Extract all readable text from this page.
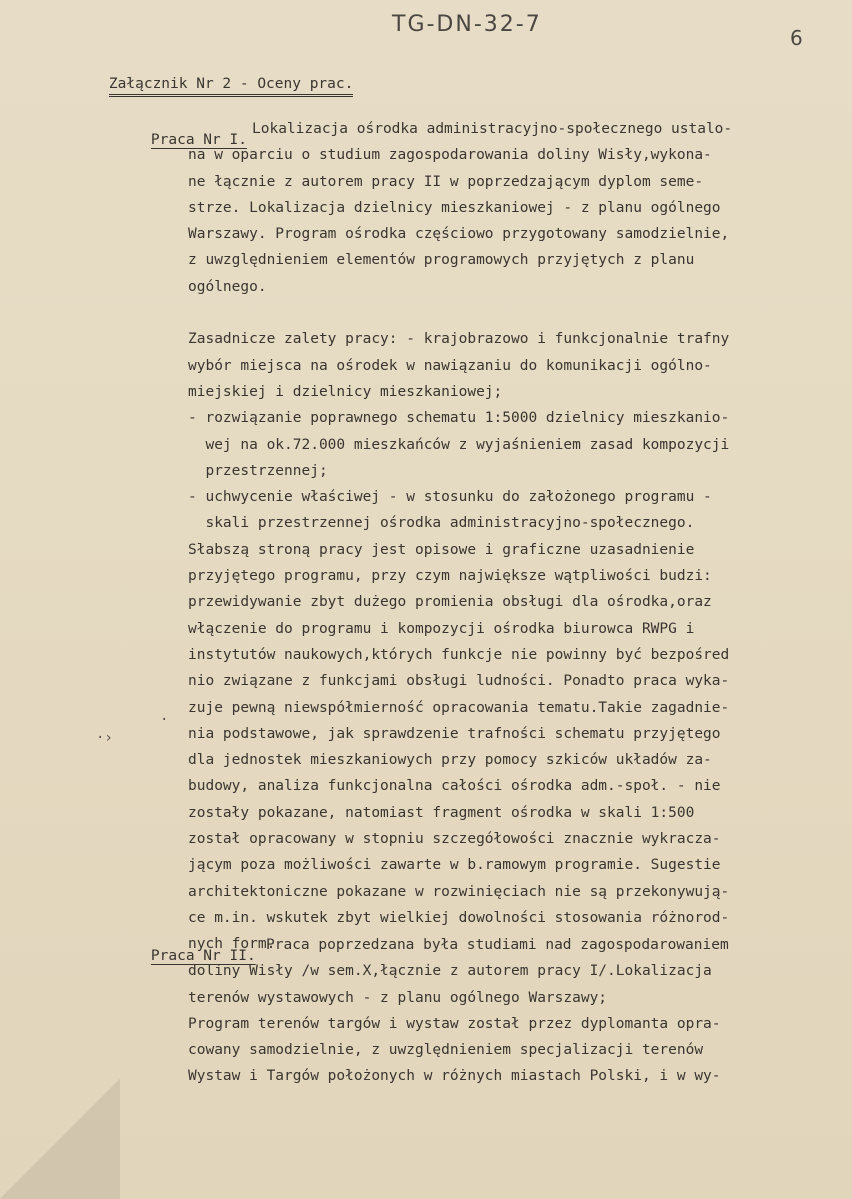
TG-DN-32-7
6

Załącznik Nr 2 - Oceny prac.

Praca Nr I.

Lokalizacja ośrodka administracyjno-społecznego ustalo-
na w oparciu o studium zagospodarowania doliny Wisły,wykona-
ne łącznie z autorem pracy II w poprzedzającym dyplom seme-
strze. Lokalizacja dzielnicy mieszkaniowej - z planu ogólnego
Warszawy. Program ośrodka częściowo przygotowany samodzielnie,
z uwzględnieniem elementów programowych przyjętych z planu
ogólnego.
Zasadnicze zalety pracy: - krajobrazowo i funkcjonalnie trafny
wybór miejsca na ośrodek w nawiązaniu do komunikacji ogólno-
miejskiej i dzielnicy mieszkaniowej;
- rozwiązanie poprawnego schematu 1:5000 dzielnicy mieszkanio-
wej na ok.72.000 mieszkańców z wyjaśnieniem zasad kompozycji
przestrzennej;
- uchwycenie właściwej - w stosunku do założonego programu -
skali przestrzennej ośrodka administracyjno-społecznego.
Słabszą stroną pracy jest opisowe i graficzne uzasadnienie
przyjętego programu, przy czym największe wątpliwości budzi:
przewidywanie zbyt dużego promienia obsługi dla ośrodka,oraz
włączenie do programu i kompozycji ośrodka biurowca RWPG i
instytutów naukowych,których funkcje nie powinny być bezpośred
nio związane z funkcjami obsługi ludności. Ponadto praca wyka-
zuje pewną niewspółmierność opracowania tematu.Takie zagadnie-
nia podstawowe, jak sprawdzenie trafności schematu przyjętego
dla jednostek mieszkaniowych przy pomocy szkiców układów za-
budowy, analiza funkcjonalna całości ośrodka adm.-społ. - nie
zostały pokazane, natomiast fragment ośrodka w skali 1:500
został opracowany w stopniu szczegółowości znacznie wykracza-
jącym poza możliwości zawarte w b.ramowym programie. Sugestie
architektoniczne pokazane w rozwinięciach nie są przekonywują-
ce m.in. wskutek zbyt wielkiej dowolności stosowania różnorod-
nych form.

Praca Nr II.

Praca poprzedzana była studiami nad zagospodarowaniem
doliny Wisły /w sem.X,łącznie z autorem pracy I/.Lokalizacja
terenów wystawowych - z planu ogólnego Warszawy;
Program terenów targów i wystaw został przez dyplomanta opra-
cowany samodzielnie, z uwzględnieniem specjalizacji terenów
Wystaw i Targów położonych w różnych miastach Polski, i w wy-
·
·›
